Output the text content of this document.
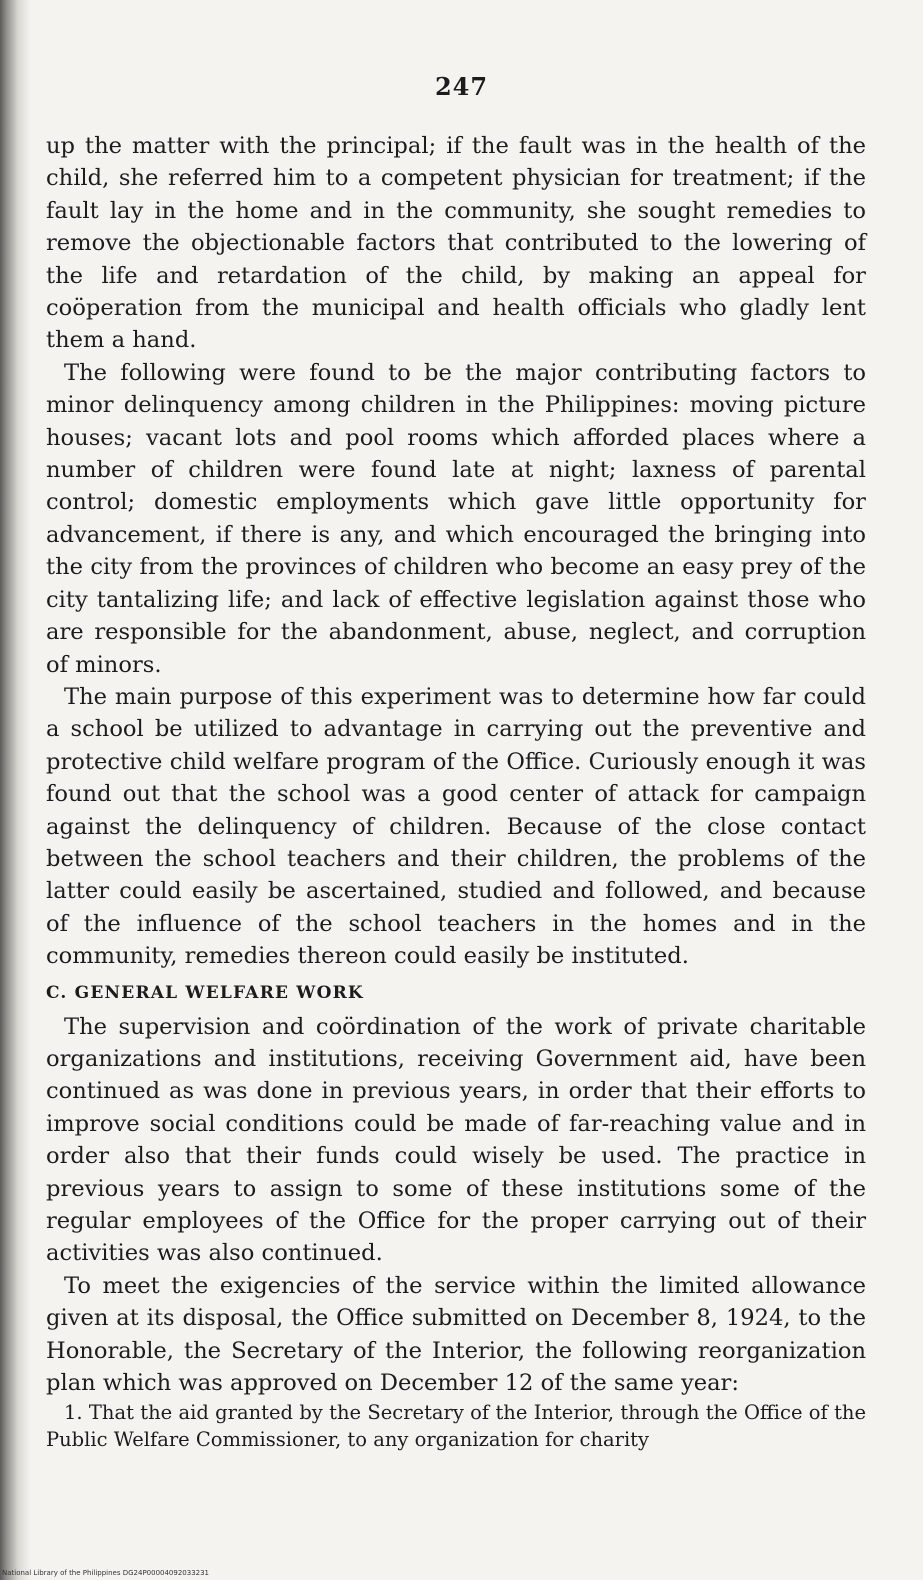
247

up the matter with the principal; if the fault was in the health of the child, she referred him to a competent physician for treatment; if the fault lay in the home and in the community, she sought remedies to remove the objectionable factors that contributed to the lowering of the life and retardation of the child, by making an appeal for coöperation from the municipal and health officials who gladly lent them a hand.

The following were found to be the major contributing factors to minor delinquency among children in the Philippines: moving picture houses; vacant lots and pool rooms which afforded places where a number of children were found late at night; laxness of parental control; domestic employments which gave little opportunity for advancement, if there is any, and which encouraged the bringing into the city from the provinces of children who become an easy prey of the city tantalizing life; and lack of effective legislation against those who are responsible for the abandonment, abuse, neglect, and corruption of minors.

The main purpose of this experiment was to determine how far could a school be utilized to advantage in carrying out the preventive and protective child welfare program of the Office. Curiously enough it was found out that the school was a good center of attack for campaign against the delinquency of children. Because of the close contact between the school teachers and their children, the problems of the latter could easily be ascertained, studied and followed, and because of the influence of the school teachers in the homes and in the community, remedies thereon could easily be instituted.

C. GENERAL WELFARE WORK

The supervision and coördination of the work of private charitable organizations and institutions, receiving Government aid, have been continued as was done in previous years, in order that their efforts to improve social conditions could be made of far-reaching value and in order also that their funds could wisely be used. The practice in previous years to assign to some of these institutions some of the regular employees of the Office for the proper carrying out of their activities was also continued.

To meet the exigencies of the service within the limited allowance given at its disposal, the Office submitted on December 8, 1924, to the Honorable, the Secretary of the Interior, the following reorganization plan which was approved on December 12 of the same year:

1. That the aid granted by the Secretary of the Interior, through the Office of the Public Welfare Commissioner, to any organization for charity

National Library of the Philippines DG24P00004092033231
